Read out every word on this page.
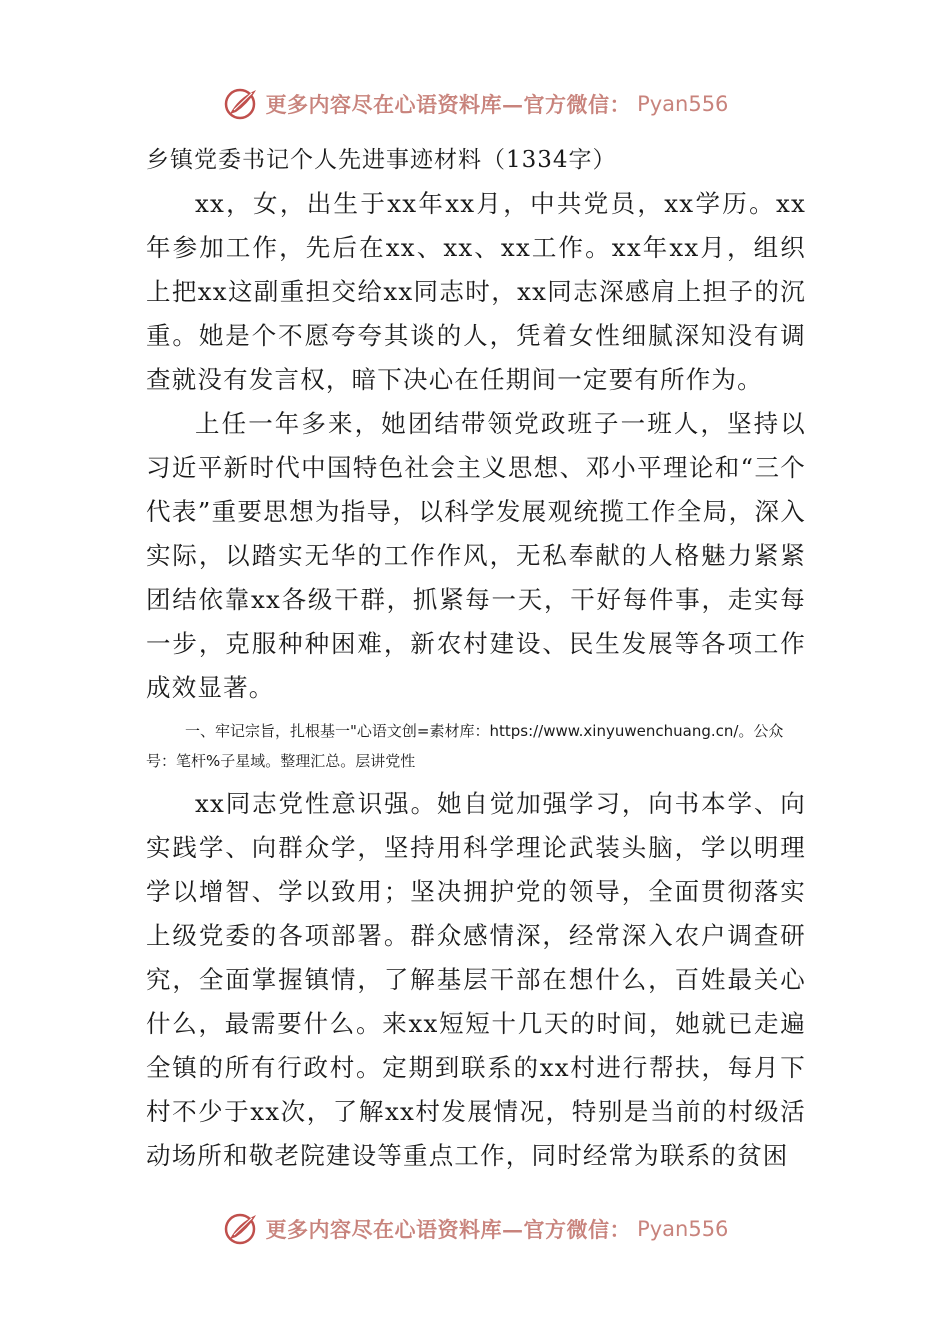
更多内容尽在心语资料库—官方微信： Pyan556

乡镇党委书记个人先进事迹材料（1334字）

xx，女，出生于xx年xx月，中共党员，xx学历。xx年参加工作，先后在xx、xx、xx工作。xx年xx月，组织上把xx这副重担交给xx同志时，xx同志深感肩上担子的沉重。她是个不愿夸夸其谈的人，凭着女性细腻深知没有调查就没有发言权，暗下决心在任期间一定要有所作为。

上任一年多来，她团结带领党政班子一班人，坚持以习近平新时代中国特色社会主义思想、邓小平理论和“三个代表”重要思想为指导，以科学发展观统揽工作全局，深入实际，以踏实无华的工作作风，无私奉献的人格魅力紧紧团结依靠xx各级干群，抓紧每一天，干好每件事，走实每一步，克服种种困难，新农村建设、民生发展等各项工作成效显著。

一、牢记宗旨，扎根基一"心语文创=素材库：https://www.xinyuwenchuang.cn/。公众号：笔杆%子星域。整理汇总。层讲党性

xx同志党性意识强。她自觉加强学习，向书本学、向实践学、向群众学，坚持用科学理论武装头脑，学以明理学以增智、学以致用；坚决拥护党的领导，全面贯彻落实上级党委的各项部署。群众感情深，经常深入农户调查研究，全面掌握镇情，了解基层干部在想什么，百姓最关心什么，最需要什么。来xx短短十几天的时间，她就已走遍全镇的所有行政村。定期到联系的xx村进行帮扶，每月下村不少于xx次，了解xx村发展情况，特别是当前的村级活动场所和敬老院建设等重点工作，同时经常为联系的贫困

更多内容尽在心语资料库—官方微信： Pyan556
